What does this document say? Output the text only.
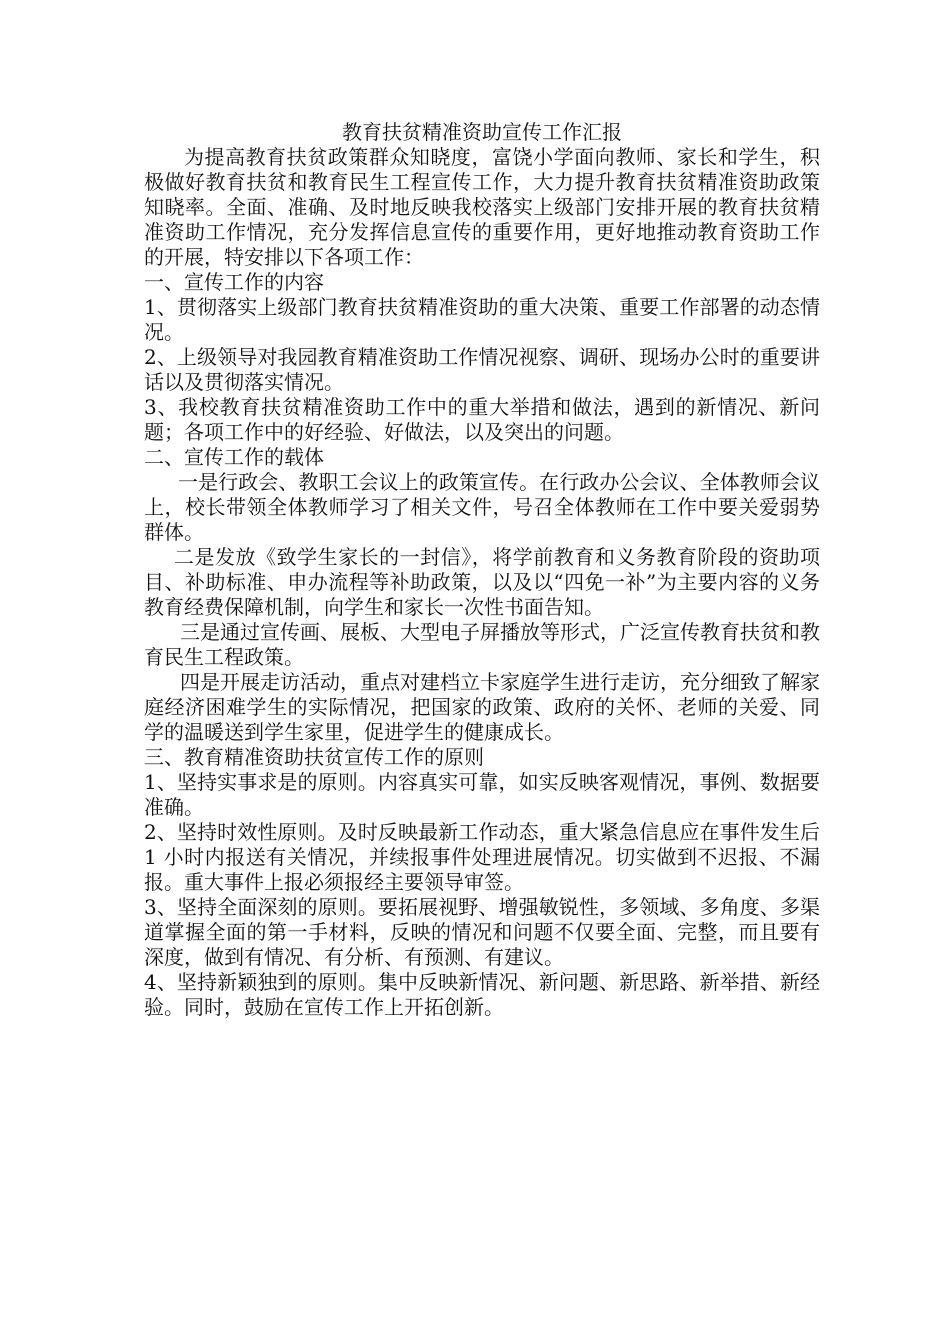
教育扶贫精准资助宣传工作汇报

为提高教育扶贫政策群众知晓度，富饶小学面向教师、家长和学生，积极做好教育扶贫和教育民生工程宣传工作，大力提升教育扶贫精准资助政策知晓率。全面、准确、及时地反映我校落实上级部门安排开展的教育扶贫精准资助工作情况，充分发挥信息宣传的重要作用，更好地推动教育资助工作的开展，特安排以下各项工作：

一、宣传工作的内容

1、贯彻落实上级部门教育扶贫精准资助的重大决策、重要工作部署的动态情况。

2、上级领导对我园教育精准资助工作情况视察、调研、现场办公时的重要讲话以及贯彻落实情况。

3、我校教育扶贫精准资助工作中的重大举措和做法，遇到的新情况、新问题；各项工作中的好经验、好做法，以及突出的问题。

二、宣传工作的载体

一是行政会、教职工会议上的政策宣传。在行政办公会议、全体教师会议上，校长带领全体教师学习了相关文件，号召全体教师在工作中要关爱弱势群体。

二是发放《致学生家长的一封信》，将学前教育和义务教育阶段的资助项目、补助标准、申办流程等补助政策，以及以“四免一补”为主要内容的义务教育经费保障机制，向学生和家长一次性书面告知。

三是通过宣传画、展板、大型电子屏播放等形式，广泛宣传教育扶贫和教育民生工程政策。

四是开展走访活动，重点对建档立卡家庭学生进行走访，充分细致了解家庭经济困难学生的实际情况，把国家的政策、政府的关怀、老师的关爱、同学的温暖送到学生家里，促进学生的健康成长。

三、教育精准资助扶贫宣传工作的原则

1、坚持实事求是的原则。内容真实可靠，如实反映客观情况，事例、数据要准确。

2、坚持时效性原则。及时反映最新工作动态，重大紧急信息应在事件发生后 1 小时内报送有关情况，并续报事件处理进展情况。切实做到不迟报、不漏报。重大事件上报必须报经主要领导审签。

3、坚持全面深刻的原则。要拓展视野、增强敏锐性，多领域、多角度、多渠道掌握全面的第一手材料，反映的情况和问题不仅要全面、完整，而且要有深度，做到有情况、有分析、有预测、有建议。

4、坚持新颖独到的原则。集中反映新情况、新问题、新思路、新举措、新经验。同时，鼓励在宣传工作上开拓创新。
